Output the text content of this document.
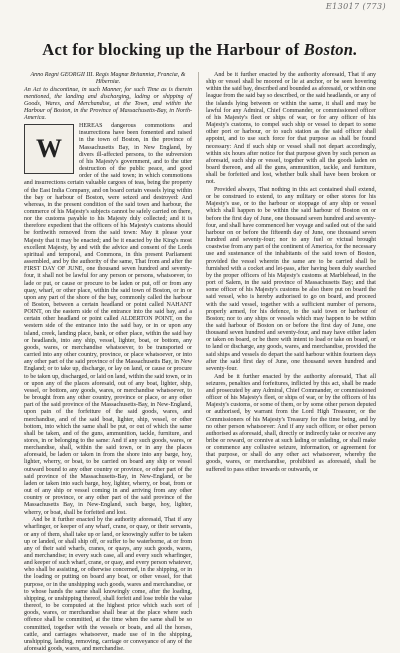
E13017 (773)
Act for blocking up the Harbour of Boston.

Anno Regni GEORGII III. Regis Magnæ Britanniæ, Franciæ, & Hiberniæ.

An Act to discontinue, in such Manner, for such Time as is therein mentioned, the landing and discharging, lading or shipping of Goods, Wares, and Merchandise, at the Town, and within the Harbour of Boston, in the Province of Massachusetts-Bay, in North-America.

W

HEREAS dangerous commotions and insurrections have been fomented and raised in the town of Boston, in the province of Massachusetts Bay, in New England, by divers ill-affected persons, to the subversion of his Majesty's government, and to the utter destruction of the public peace, and good order of the said town; in which commotions and insurrections certain valuable cargoes of teas, being the property of the East India Company, and on board certain vessels lying within the bay or harbour of Boston, were seized and destroyed: And whereas, in the present condition of the said town and harbour, the commerce of his Majesty's subjects cannot be safely carried on there, nor the customs payable to his Majesty duly collected; and it is therefore expedient that the officers of his Majesty's customs should be forthwith removed from the said town: May it please your Majesty that it may be enacted; and be it enacted by the King's most excellent Majesty, by and with the advice and consent of the Lords spiritual and temporal, and Commons, in this present Parliament assembled, and by the authority of the same, That from and after the FIRST DAY OF JUNE, one thousand seven hundred and seventy-four, it shall not be lawful for any person or persons, whatsoever, to lade or put, or cause or procure to be laden or put, off or from any quay, wharf, or other place, within the said town of Boston, or in or upon any part of the shore of the bay, commonly called the harbour of Boston, between a certain headland or point called NAHANT POINT, on the eastern side of the entrance into the said bay, and a certain other headland or point called ALDERTON POINT, on the western side of the entrance into the said bay, or in or upon any island, creek, landing place, bank, or other place, within the said bay or headlands, into any ship, vessel, lighter, boat, or bottom, any goods, wares, or merchandise whatsoever, to be transported or carried into any other country, province, or place whatsoever, or into any other part of the said province of the Massachusetts Bay, in New England; or to take up, discharge, or lay on land, or cause or procure to be taken up, discharged, or laid on land, within the said town, or in or upon any of the places aforesaid, out of any boat, lighter, ship, vessel, or bottom, any goods, wares, or merchandise whatsoever, to be brought from any other country, province or place, or any other part of the said province of the Massachusetts-Bay, in New-England, upon pain of the forfeiture of the said goods, wares, and merchandise, and of the said boat, lighter, ship, vessel, or other bottom, into which the same shall be put, or out of which the same shall be taken, and of the guns, ammunition, tackle, furniture, and stores, in or belonging to the same: And if any such goods, wares, or merchandise, shall, within the said town, or in any the places aforesaid, be laden or taken in from the shore into any barge, hoy, lighter, wherry, or boat, to be carried on board any ship or vessel outward bound to any other country or province, or other part of the said province of the Massachusetts-Bay, in New-England, or be laden or taken into such barge, hoy, lighter, wherry, or boat, from or out of any ship or vessel coming in and arriving from any other country or province, or any other part of the said province of the Massachusetts Bay, in New-England, such barge, hoy, lighter, wherry, or boat, shall be forfeited and lost.

And be it further enacted by the authority aforesaid, That if any wharfinger, or keeper of any wharf, crane, or quay, or their servants, or any of them, shall take up or land, or knowingly suffer to be taken up or landed, or shall ship off, or suffer to be waterborne, at or from any of their said wharfs, cranes, or quays, any such goods, wares, and merchandise; in every such case, all and every such wharfinger, and keeper of such wharf, crane, or quay, and every person whatever, who shall be assisting, or otherwise concerned, in the shipping, or in the loading or putting on board any boat, or other vessel, for that purpose, or in the unshipping such goods, wares and merchandise, or to whose hands the same shall knowingly come, after the loading, shipping, or unshipping thereof, shall forfeit and lose treble the value thereof, to be computed at the highest price which such sort of goods, wares, or merchandise shall bear at the place where such offence shall be committed, at the time when the same shall be so committed, together with the vessels or boats, and all the horses, cattle, and carriages whatsoever, made use of in the shipping, unshipping, landing, removing, carriage or conveyance of any of the aforesaid goods, wares, and merchandise.

And be it further enacted by the authority aforesaid, That if any ship or vessel shall be moored or lie at anchor, or be seen hovering within the said bay, described and bounded as aforesaid, or within one league from the said bay so described, or the said headlands, or any of the islands lying between or within the same, it shall and may be lawful for any Admiral, Chief Commander, or commissioned officer of his Majesty's fleet or ships of war, or for any officer of his Majesty's customs, to compel such ship or vessel to depart to some other port or harbour, or to such station as the said officer shall appoint, and to use such force for that purpose as shall be found necessary: And if such ship or vessel shall not depart accordingly, within six hours after notice for that purpose given by such person as aforesaid, such ship or vessel, together with all the goods laden on board thereon, and all the guns, ammunition, tackle, and furniture, shall be forfeited and lost, whether bulk shall have been broken or not.

Provided always, That nothing in this act contained shall extend, or be construed to extend, to any military or other stores for his Majesty's use, or to the harbour or stoppage of any ship or vessel which shall happen to be within the said harbour of Boston on or before the first day of June, one thousand seven hundred and seventy-four, and shall have commenced her voyage and sailed out of the said harbour on or before the fifteenth day of June, one thousand seven hundred and seventy-four; nor to any fuel or victual brought coastwise from any part of the continent of America, for the necessary use and sustenance of the inhabitants of the said town of Boston, provided the vessel wherein the same are to be carried shall be furnished with a cocket and let-pass, after having been duly searched by the proper officers of his Majesty's customs at Marblehead, in the port of Salem, in the said province of Massachusetts Bay; and that some officer of his Majesty's customs be also there put on board the said vessel, who is hereby authorised to go on board, and proceed with the said vessel, together with a sufficient number of persons, properly armed, for his defence, to the said town or harbour of Boston; nor to any ships or vessels which may happen to be within the said harbour of Boston on or before the first day of June, one thousand seven hundred and seventy-four, and may have either laden or taken on board, or be there with intent to load or take on board, or to land or discharge, any goods, wares, and merchandise, provided the said ships and vessels do depart the said harbour within fourteen days after the said first day of June, one thousand seven hundred and seventy-four.

And be it further enacted by the authority aforesaid, That all seizures, penalties and forfeitures, inflicted by this act, shall be made and prosecuted by any Admiral, Chief Commander, or commissioned officer of his Majesty's fleet, or ships of war, or by the officers of his Majesty's customs, or some of them, or by some other person deputed or authorised, by warrant from the Lord High Treasurer, or the Commissioners of his Majesty's Treasury for the time being, and by no other person whatsoever: And if any such officer, or other person authorised as aforesaid, shall, directly or indirectly take or receive any bribe or reward, or connive at such lading or unlading, or shall make or commence any collusive seizure, information, or agreement for that purpose, or shall do any other act whatsoever, whereby the goods, wares, or merchandise, prohibited as aforesaid, shall be suffered to pass either inwards or outwards, or
